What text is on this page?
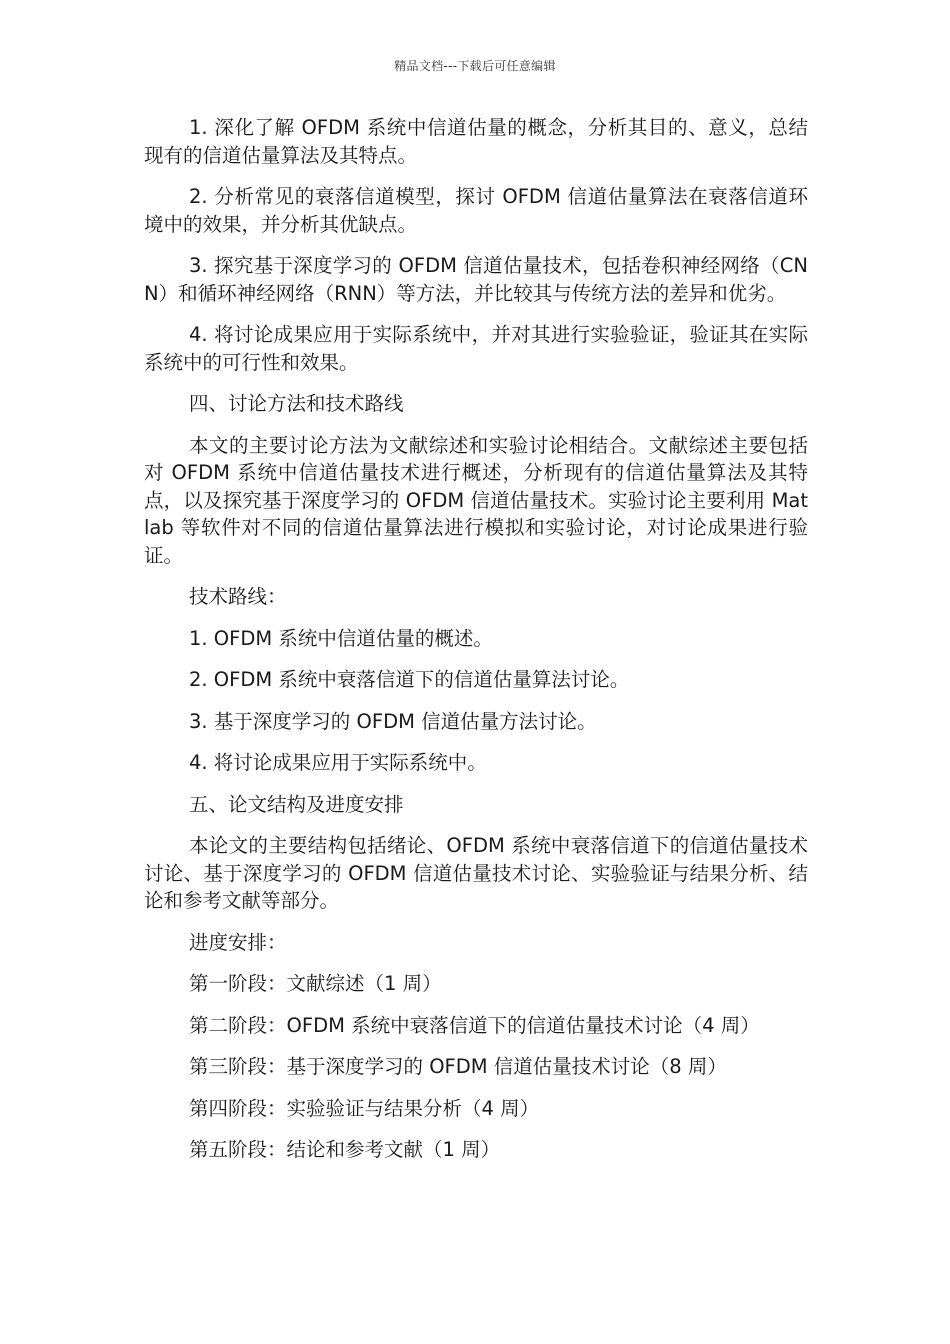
精品文档---下载后可任意编辑

1. 深化了解 OFDM 系统中信道估量的概念，分析其目的、意义，总结现有的信道估量算法及其特点。

2. 分析常见的衰落信道模型，探讨 OFDM 信道估量算法在衰落信道环境中的效果，并分析其优缺点。

3. 探究基于深度学习的 OFDM 信道估量技术，包括卷积神经网络（CNN）和循环神经网络（RNN）等方法，并比较其与传统方法的差异和优劣。

4. 将讨论成果应用于实际系统中，并对其进行实验验证，验证其在实际系统中的可行性和效果。

四、讨论方法和技术路线

本文的主要讨论方法为文献综述和实验讨论相结合。文献综述主要包括对 OFDM 系统中信道估量技术进行概述，分析现有的信道估量算法及其特点，以及探究基于深度学习的 OFDM 信道估量技术。实验讨论主要利用 Matlab 等软件对不同的信道估量算法进行模拟和实验讨论，对讨论成果进行验证。

技术路线：

1. OFDM 系统中信道估量的概述。

2. OFDM 系统中衰落信道下的信道估量算法讨论。

3. 基于深度学习的 OFDM 信道估量方法讨论。

4. 将讨论成果应用于实际系统中。

五、论文结构及进度安排

本论文的主要结构包括绪论、OFDM 系统中衰落信道下的信道估量技术讨论、基于深度学习的 OFDM 信道估量技术讨论、实验验证与结果分析、结论和参考文献等部分。

进度安排：

第一阶段：文献综述（1 周）

第二阶段：OFDM 系统中衰落信道下的信道估量技术讨论（4 周）

第三阶段：基于深度学习的 OFDM 信道估量技术讨论（8 周）

第四阶段：实验验证与结果分析（4 周）

第五阶段：结论和参考文献（1 周）
